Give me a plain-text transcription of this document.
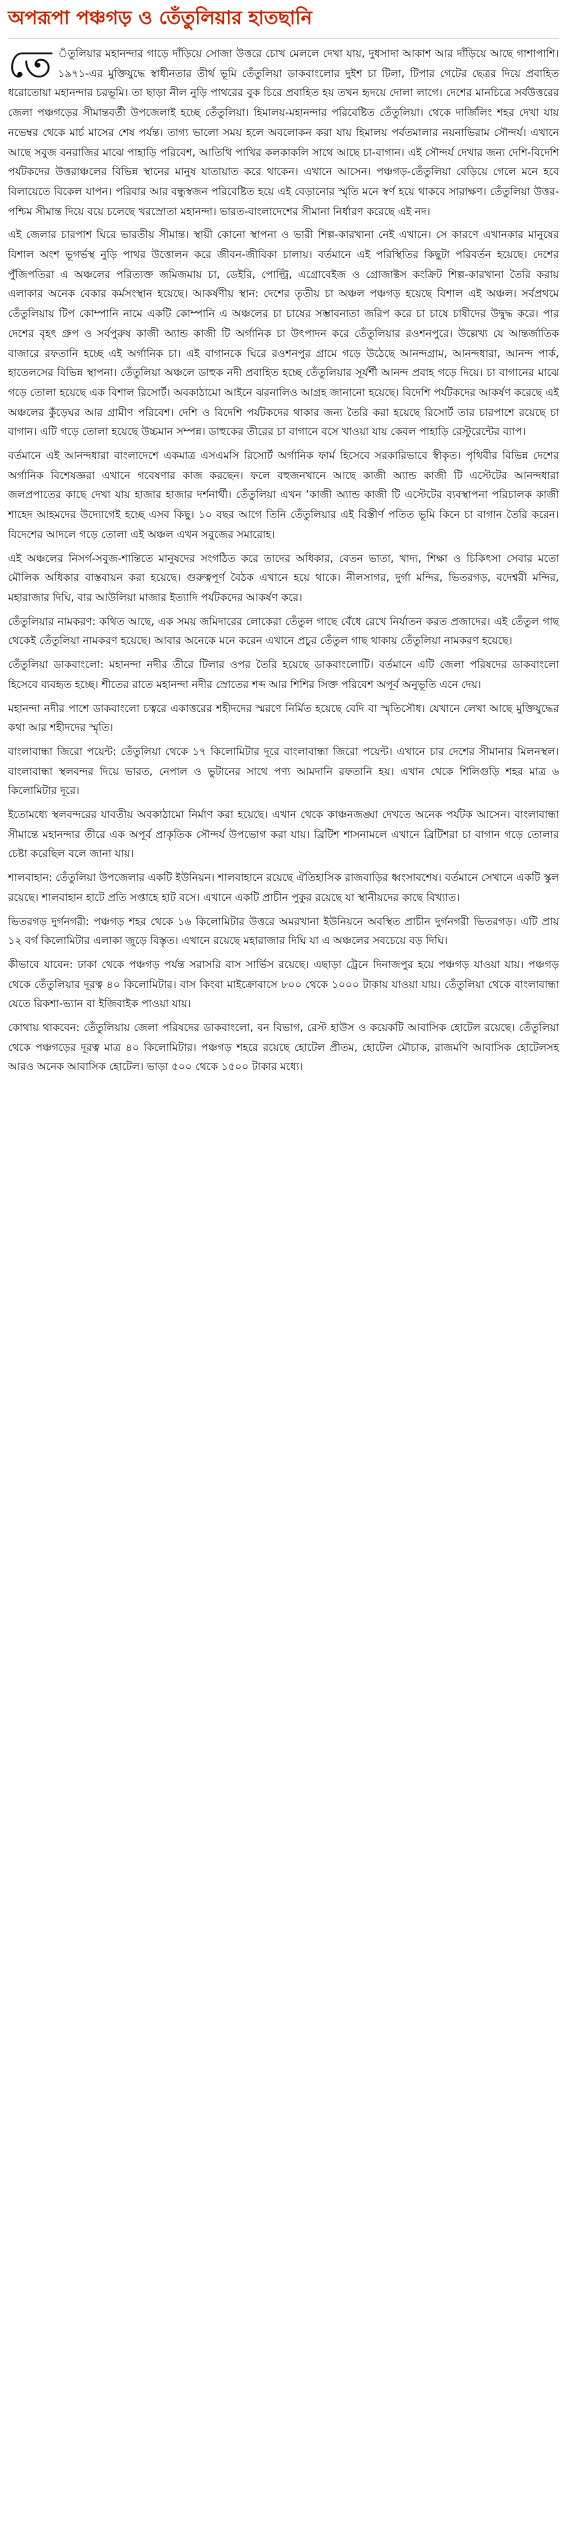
অপরূপা পঞ্চগড় ও তেঁতুলিয়ার হাতছানি

তে ঁতুলিয়ার মহানন্দার গাড়ে দাঁড়িয়ে সোজা উত্তরে চোখ মেললে দেখা যায়, দুধসাদা আকাশ আর দাঁড়িয়ে আছে গাশাপাশি। ১৯৭১-এর মুক্তিযুদ্ধে স্বাধীনতার তীর্থ ভূমি তেঁতুলিয়া ডাকবাংলোর দুইশ চা টিলা, টিপার গেটের ছেত্রর দিয়ে প্রবাহিত ধরোতোয়া মহানন্দার চরভূমি। তা ছাড়া নীল নুড়ি পাথরের বুক চিরে প্রবাহিত হয় তখন হৃদয়ে দোলা লাগে। দেশের মানচিত্রে সর্বউত্তরের জেলা পঞ্চগড়ের সীমান্তবর্তী উপজেলাই হচ্ছে তেঁতুলিয়া। হিমালয়-মহানন্দার পরিবেষ্টিত তেঁতুলিয়া। থেকে দার্জিলিং শহর দেখা যায় নভেম্বর থেকে মার্চ মাসের শেষ পর্যন্ত। তাগ্য ভালো সময় হলে অবলোকন করা যায় হিমালয় পর্বতমালার নয়নাভিরাম সৌন্দর্য। এখানে আছে সবুজ বনরাজির মাঝে পাহাড়ি পরিবেশ, আতিথি পাখির কলকাকলি সাথে আছে চা-বাগান। এই সৌন্দর্য দেখার জন্য দেশি-বিদেশি পর্যটকদের উত্তরাঞ্চলের বিভিন্ন স্থানের মানুষ যাতায়াত করে থাকেন। এখানে আসেন। পঞ্চগড়-তেঁতুলিয়া বেড়িয়ে গেলে মনে হবে বিলায়েতে বিকেল যাপন। পরিবার আর বন্ধুস্বজন পরিবেষ্টিত হয়ে এই বেড়ানোর স্মৃতি মনে স্বর্ণ হয়ে থাকবে সারাক্ষণ। তেঁতুলিয়া উত্তর-পশ্চিম সীমান্ত দিয়ে বয়ে চলেছে খরস্রোতা মহানন্দা। ভারত-বাংলাদেশের সীমানা নির্ধারণ করেছে এই নদ।

এই জেলার চারপাশ ঘিরে ভারতীয় সীমান্ত। স্থায়ী কোনো স্থাপনা ও ভারী শিল্প-কারখানা নেই এখানে। সে কারণে এখানকার মানুষের বিশাল অংশ ভূগর্ভস্থ নুড়ি পাথর উত্তোলন করে জীবন-জীবিকা চালায়। বর্তমানে এই পরিস্থিতির কিছুটা পরিবর্তন হয়েছে। দেশের পুঁজিপতিরা এ অঞ্চলের পরিত্যক্ত জমিজমায় চা, ডেইরি, পোল্ট্রি, এগ্রোবেইজ ও গ্রোজাক্টস কংক্রিট শিল্প-কারখানা তৈরি করায় এলাকার অনেক বেকার কর্মসংস্থান হয়েছে। আকর্ষণীয় স্থান: দেশের তৃতীয় চা অঞ্চল পঞ্চগড় হয়েছে বিশাল এই অঞ্চল। সর্বপ্রথমে তেঁতুলিয়ায় টিপ কোম্পানি নামে একটি কোম্পানি এ অঞ্চলের চা চাষের সম্ভাবনাতা জরিপ করে চা চাষে চাষীদের উদ্বুদ্ধ করে। পার দেশের বৃহৎ গ্রুপ ও সর্বপুরুষ কাজী অ্যান্ড কাজী টি অর্গানিক চা উৎপাদন করে তেঁতুলিয়ার রওশনপুরে। উল্লেখ্য যে আন্তর্জাতিক বাজারে রফতানি হচ্ছে এই অর্গানিক চা। এই বাগানকে ঘিরে রওশনপুর গ্রামে গড়ে উঠেছে আনন্দগ্রাম, আনন্দধারা, আনন্দ পার্ক, হাতেলসের বিভিন্ন স্থাপনা। তেঁতুলিয়া অঞ্চলে ডাহুক নদী প্রবাহিত হচ্ছে তেঁতুলিয়ার সূর্যর্শী আনন্দ প্রবাহ গড়ে দিয়ে। চা বাগানের মাঝে গড়ে তোলা হয়েছে এক বিশাল রিসোর্ট। অবকাঠামো আইনে ঝরনালিও আগ্রহ জানানো হয়েছে। বিদেশি পর্যটকদের আকর্ষণ করেছে এই অঞ্চলের কুঁড়েঘর আর গ্রামীণ পরিবেশ। দেশি ও বিদেশি পর্যটকদের থাকার জন্য তৈরি করা হয়েছে রিসোর্ট তার চারপাশে রয়েছে চা বাগান। এটি গড়ে তোলা হয়েছে উচ্চমান সম্পন্ন। ডাহুকের তীরের চা বাগানে বসে খাওয়া যায় কেবল পাহাড়ি রেস্টুরেন্টের ব্যাপ।

বর্তমানে এই আনন্দধারা বাংলাদেশে একমাত্র এসএমসি রিসোর্ট অর্গানিক ফার্ম হিসেবে সরকারিভাবে স্বীকৃত। পৃথিবীর বিভিন্ন দেশের অর্গানিক বিশেষজ্ঞরা এখানে গবেষণার কাজ করছেন। ফলে বহুজনখানে আছে কাজী অ্যান্ড কাজী টি এস্টেটের আনন্দধারা জলপ্রপাতের কাছে দেখা যায় হাজার হাজার দর্শনার্থী। তেঁতুলিয়া এখন ‘কাজী অ্যান্ড কাজী টি এস্টেটের ব্যবস্থাপনা পরিচালক কাজী শাহেদ আহমদের উদ্যোগেই হচ্ছে এসব কিছু। ১০ বছর আগে তিনি তেঁতুলিয়ার এই বিস্তীর্ণ পতিত ভূমি কিনে চা বাগান তৈরি করেন। বিদেশের আদলে গড়ে তোলা এই অঞ্চল এখন সবুজের সমারোহ।

এই অঞ্চলের নিসর্গ-সবুজ-শান্তিতে মানুষদের সংগঠিত করে তাদের অধিকার, বেতন ভাতা, খাদ্য, শিক্ষা ও চিকিৎসা সেবার মতো মৌলিক অধিকার বাস্তবায়ন করা হয়েছে। গুরুত্বপূর্ণ বৈঠক এখানে হয়ে থাকে। নীলসাগর, দুর্গা মন্দির, ভিতরগড়, বদেশ্বরী মন্দির, মহারাজার দিঘি, বার আউলিয়া মাজার ইত্যাদি পর্যটকদের আকর্ষণ করে।

তেঁতুলিয়ার নামকরণ: কথিত আছে, এক সময় জমিদারের লোকেরা তেঁতুল গাছে বেঁধে রেখে নির্যাতন করত প্রজাদের। এই তেঁতুল গাছ থেকেই তেঁতুলিয়া নামকরণ হয়েছে। আবার অনেকে মনে করেন এখানে প্রচুর তেঁতুল গাছ থাকায় তেঁতুলিয়া নামকরণ হয়েছে।

তেঁতুলিয়া ডাকবাংলো: মহানন্দা নদীর তীরে টিলার ওপর তৈরি হয়েছে ডাকবাংলোটি। বর্তমানে এটি জেলা পরিষদের ডাকবাংলো হিসেবে ব্যবহৃত হচ্ছে। শীতের রাতে মহানন্দা নদীর স্রোতের শব্দ আর শিশির সিক্ত পরিবেশ অপূর্ব অনুভূতি এনে দেয়।

মহানন্দা নদীর পাশে ডাকবাংলো চত্বরে একাত্তরের শহীদদের স্মরণে নির্মিত হয়েছে বেদি বা স্মৃতিসৌধ। যেখানে লেখা আছে মুক্তিযুদ্ধের কথা আর শহীদদের স্মৃতি।

বাংলাবান্ধা জিরো পয়েন্ট: তেঁতুলিয়া থেকে ১৭ কিলোমিটার দূরে বাংলাবান্ধা জিরো পয়েন্ট। এখানে চার দেশের সীমানার মিলনস্থল। বাংলাবান্ধা স্থলবন্দর দিয়ে ভারত, নেপাল ও ভুটানের সাথে পণ্য আমদানি রফতানি হয়। এখান থেকে শিলিগুড়ি শহর মাত্র ৬ কিলোমিটার দূরে।

ইতোমধ্যে স্থলবন্দরের যাবতীয় অবকাঠামো নির্মাণ করা হয়েছে। এখান থেকে কাঞ্চনজঙ্ঘা দেখতে অনেক পর্যটক আসেন। বাংলাবান্ধা সীমান্তে মহানন্দার তীরে এক অপূর্ব প্রাকৃতিক সৌন্দর্য উপভোগ করা যায়। ব্রিটিশ শাসনামলে এখানে ব্রিটিশরা চা বাগান গড়ে তোলার চেষ্টা করেছিল বলে জানা যায়।

শালবাহান: তেঁতুলিয়া উপজেলার একটি ইউনিয়ন। শালবাহানে রয়েছে ঐতিহাসিক রাজবাড়ির ধ্বংসাবশেষ। বর্তমানে সেখানে একটি স্কুল রয়েছে। শালবাহান হাটে প্রতি সপ্তাহে হাট বসে। এখানে একটি প্রাচীন পুকুর রয়েছে যা স্থানীয়দের কাছে বিখ্যাত।

ভিতরগড় দুর্গনগরী: পঞ্চগড় শহর থেকে ১৬ কিলোমিটার উত্তরে অমরখানা ইউনিয়নে অবস্থিত প্রাচীন দুর্গনগরী ভিতরগড়। এটি প্রায় ১২ বর্গ কিলোমিটার এলাকা জুড়ে বিস্তৃত। এখানে রয়েছে মহারাজার দিঘি যা এ অঞ্চলের সবচেয়ে বড় দিঘি।

কীভাবে যাবেন: ঢাকা থেকে পঞ্চগড় পর্যন্ত সরাসরি বাস সার্ভিস রয়েছে। এছাড়া ট্রেনে দিনাজপুর হয়ে পঞ্চগড় যাওয়া যায়। পঞ্চগড় থেকে তেঁতুলিয়ার দূরত্ব ৪০ কিলোমিটার। বাস কিংবা মাইক্রোবাসে ৮০০ থেকে ১০০০ টাকায় যাওয়া যায়। তেঁতুলিয়া থেকে বাংলাবান্ধা যেতে রিকশা-ভ্যান বা ইজিবাইক পাওয়া যায়।

কোথায় থাকবেন: তেঁতুলিয়ায় জেলা পরিষদের ডাকবাংলো, বন বিভাগ, রেস্ট হাউস ও কয়েকটি আবাসিক হোটেল রয়েছে। তেঁতুলিয়া থেকে পঞ্চগড়ের দূরত্ব মাত্র ৪০ কিলোমিটার। পঞ্চগড় শহরে রয়েছে হোটেল প্রীতম, হোটেল মৌচাক, রাজমণি আবাসিক হোটেলসহ আরও অনেক আবাসিক হোটেল। ভাড়া ৫০০ থেকে ১৫০০ টাকার মধ্যে।
